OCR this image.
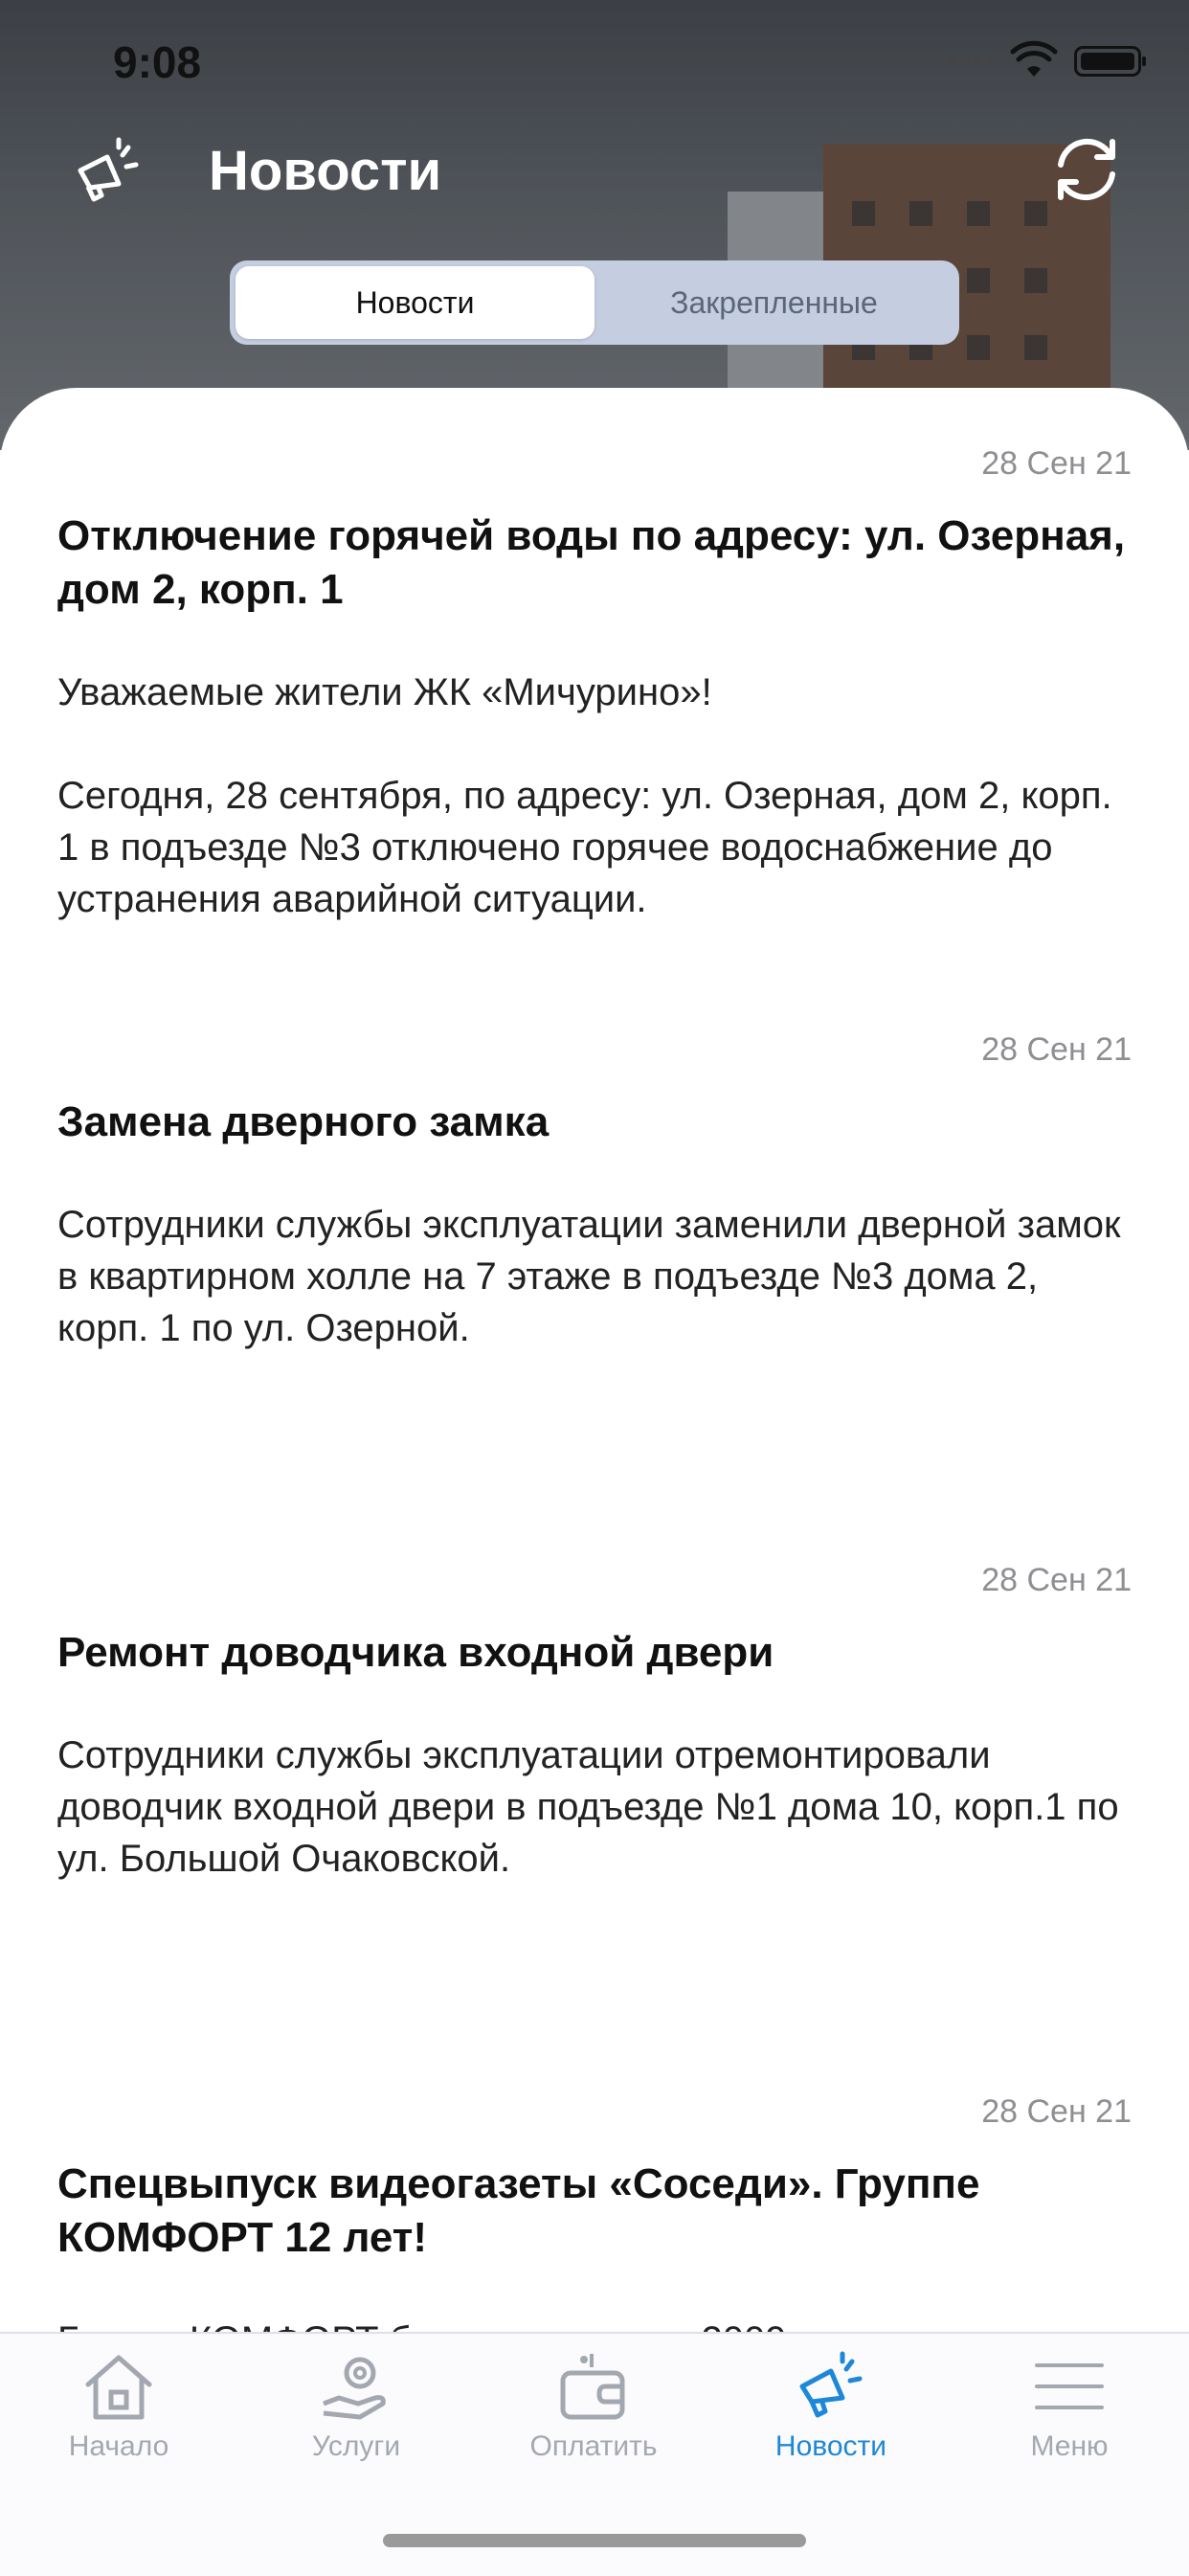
9:08
Новости
Новости	Закрепленные
28 Сен 21
Отключение горячей воды по адресу: ул. Озерная, дом 2, корп. 1
Уважаемые жители ЖК «Мичурино»!

Сегодня, 28 сентября, по адресу: ул. Озерная, дом 2, корп. 1 в подъезде №3 отключено горячее водоснабжение до устранения аварийной ситуации.
28 Сен 21
Замена дверного замка
Сотрудники службы эксплуатации заменили дверной замок в квартирном холле на 7 этаже в подъезде №3 дома 2, корп. 1 по ул. Озерной.
28 Сен 21
Ремонт доводчика входной двери
Сотрудники службы эксплуатации отремонтировали доводчик входной двери в подъезде №1 дома 10, корп.1 по ул. Большой Очаковской.
28 Сен 21
Спецвыпуск видеогазеты «Соседи». Группе КОМФОРТ 12 лет!
Начало	Услуги	Оплатить	Новости	Меню
